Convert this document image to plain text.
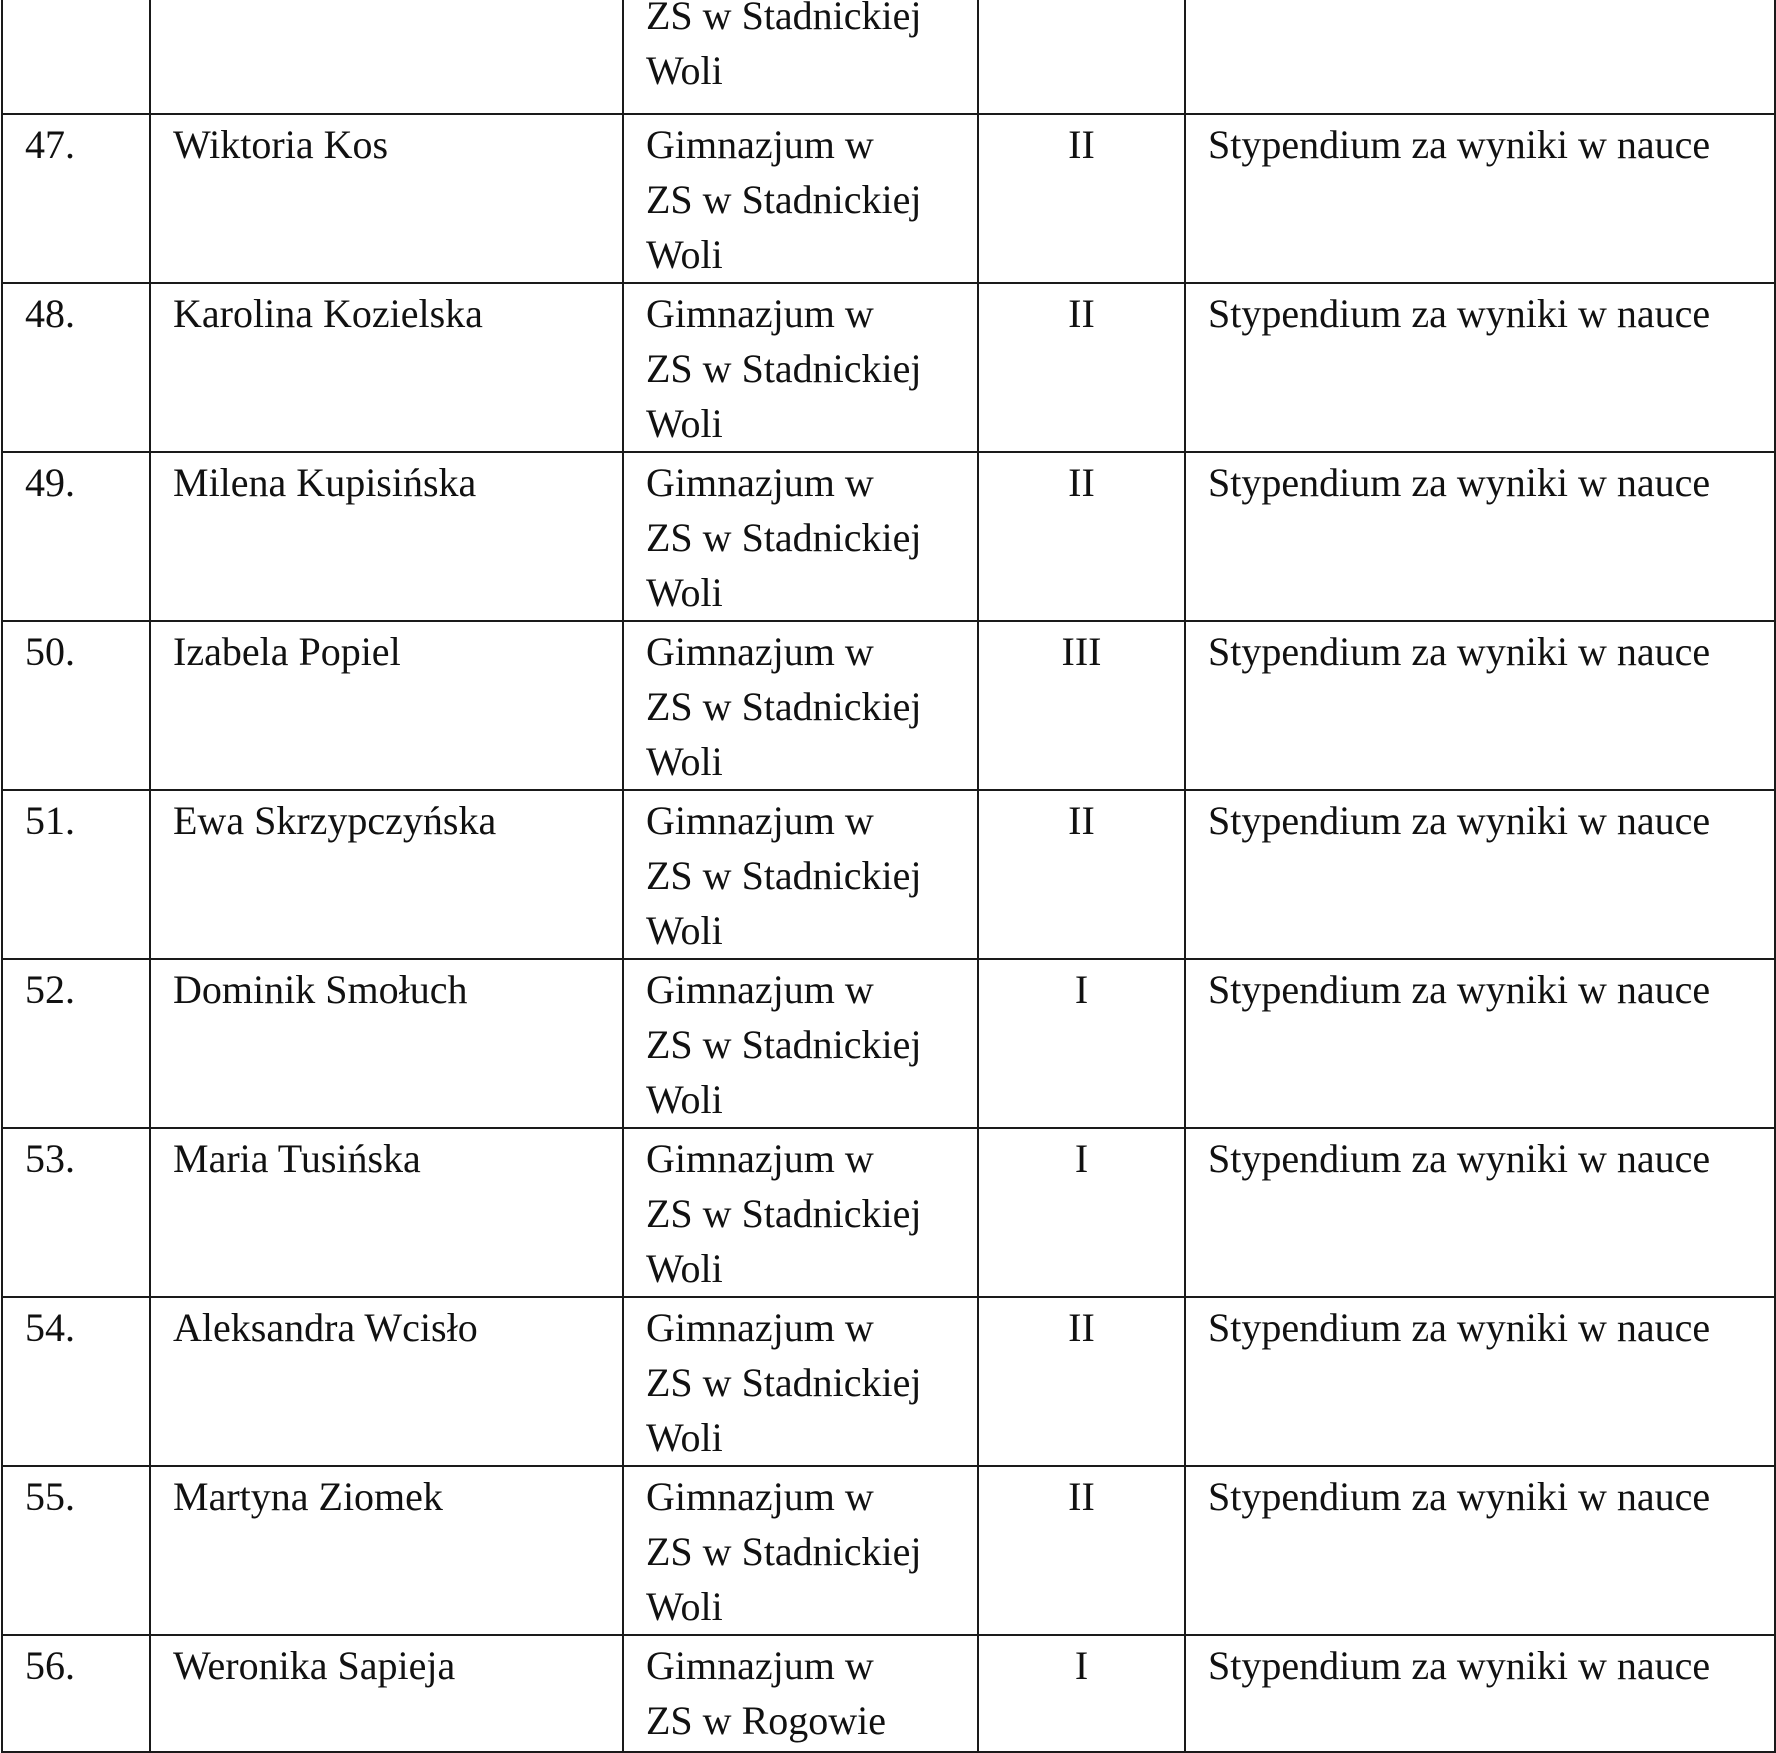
		ZS w Stadnickiej
Woli		

47.	Wiktoria Kos	Gimnazjum w
ZS w Stadnickiej
Woli	II	Stypendium za wyniki w nauce

48.	Karolina Kozielska	Gimnazjum w
ZS w Stadnickiej
Woli	II	Stypendium za wyniki w nauce

49.	Milena Kupisińska	Gimnazjum w
ZS w Stadnickiej
Woli	II	Stypendium za wyniki w nauce

50.	Izabela Popiel	Gimnazjum w
ZS w Stadnickiej
Woli	III	Stypendium za wyniki w nauce

51.	Ewa Skrzypczyńska	Gimnazjum w
ZS w Stadnickiej
Woli	II	Stypendium za wyniki w nauce

52.	Dominik Smołuch	Gimnazjum w
ZS w Stadnickiej
Woli	I	Stypendium za wyniki w nauce

53.	Maria Tusińska	Gimnazjum w
ZS w Stadnickiej
Woli	I	Stypendium za wyniki w nauce

54.	Aleksandra Wcisło	Gimnazjum w
ZS w Stadnickiej
Woli	II	Stypendium za wyniki w nauce

55.	Martyna Ziomek	Gimnazjum w
ZS w Stadnickiej
Woli	II	Stypendium za wyniki w nauce

56.	Weronika Sapieja	Gimnazjum w
ZS w Rogowie	I	Stypendium za wyniki w nauce
